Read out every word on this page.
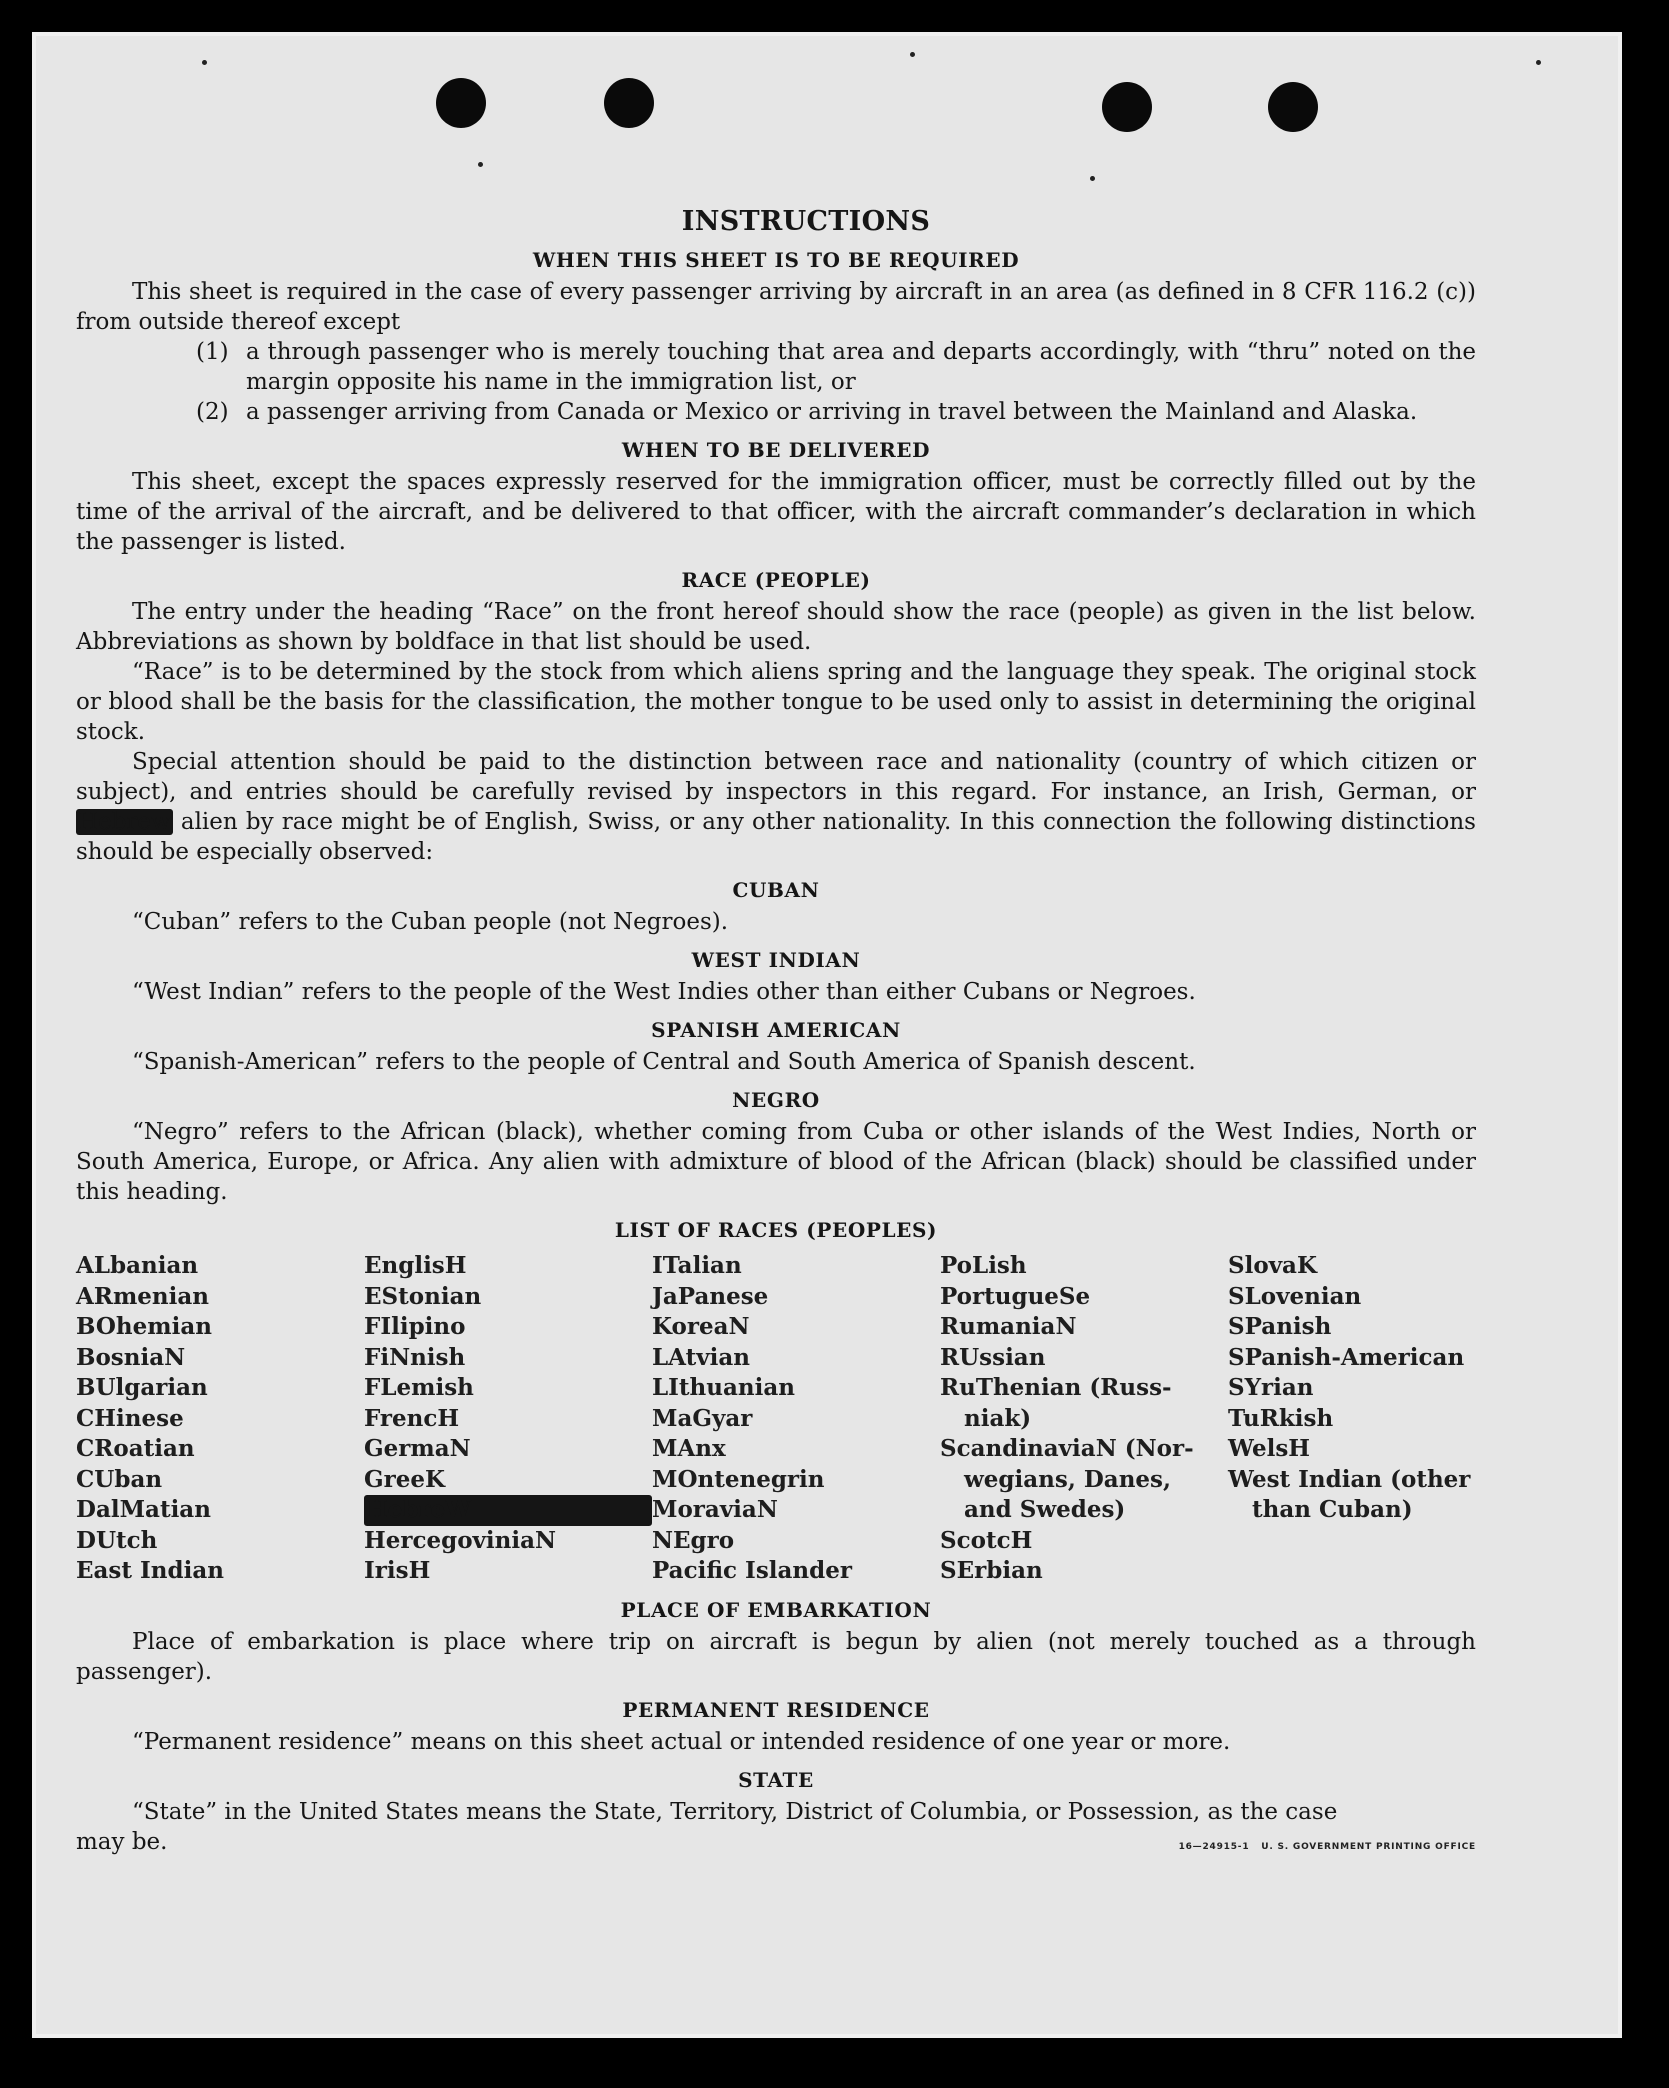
INSTRUCTIONS
WHEN THIS SHEET IS TO BE REQUIRED

This sheet is required in the case of every passenger arriving by aircraft in an area (as defined in 8 CFR 116.2 (c)) from outside thereof except

(1) a through passenger who is merely touching that area and departs accordingly, with “thru” noted on the margin opposite his name in the immigration list, or
(2) a passenger arriving from Canada or Mexico or arriving in travel between the Mainland and Alaska.
WHEN TO BE DELIVERED

This sheet, except the spaces expressly reserved for the immigration officer, must be correctly filled out by the time of the arrival of the aircraft, and be delivered to that officer, with the aircraft commander’s declaration in which the passenger is listed.

RACE (PEOPLE)

The entry under the heading “Race” on the front hereof should show the race (people) as given in the list below. Abbreviations as shown by boldface in that list should be used.

“Race” is to be determined by the stock from which aliens spring and the language they speak. The original stock or blood shall be the basis for the classification, the mother tongue to be used only to assist in determining the original stock.

Special attention should be paid to the distinction between race and nationality (country of which citizen or subject), and entries should be carefully revised by inspectors in this regard. For instance, an Irish, German, or Hebrew alien by race might be of English, Swiss, or any other nationality. In this connection the following distinctions should be especially observed:

CUBAN

“Cuban” refers to the Cuban people (not Negroes).

WEST INDIAN

“West Indian” refers to the people of the West Indies other than either Cubans or Negroes.

SPANISH AMERICAN

“Spanish-American” refers to the people of Central and South America of Spanish descent.

NEGRO

“Negro” refers to the African (black), whether coming from Cuba or other islands of the West Indies, North or South America, Europe, or Africa. Any alien with admixture of blood of the African (black) should be classified under this heading.

LIST OF RACES (PEOPLES)
ALbanian
ARmenian
BOhemian
BosniaN
BUlgarian
CHinese
CRoatian
CUban
DalMatian
DUtch
East Indian
EnglisH
EStonian
FIlipino
FiNnish
FLemish
FrencH
GermaN
GreeK
HebreW
HercegoviniaN
IrisH
ITalian
JaPanese
KoreaN
LAtvian
LIthuanian
MaGyar
MAnx
MOntenegrin
MoraviaN
NEgro
Pacific Islander
PoLish
PortugueSe
RumaniaN
RUssian
RuThenian (Russ-
niak)
ScandinaviaN (Nor-
wegians, Danes,
and Swedes)
ScotcH
SErbian
SlovaK
SLovenian
SPanish
SPanish-American
SYrian
TuRkish
WelsH
West Indian (other
than Cuban)
PLACE OF EMBARKATION

Place of embarkation is place where trip on aircraft is begun by alien (not merely touched as a through passenger).

PERMANENT RESIDENCE

“Permanent residence” means on this sheet actual or intended residence of one year or more.

STATE

“State” in the United States means the State, Territory, District of Columbia, or Possession, as the case

may be.	16—24915-1 U. S. GOVERNMENT PRINTING OFFICE
